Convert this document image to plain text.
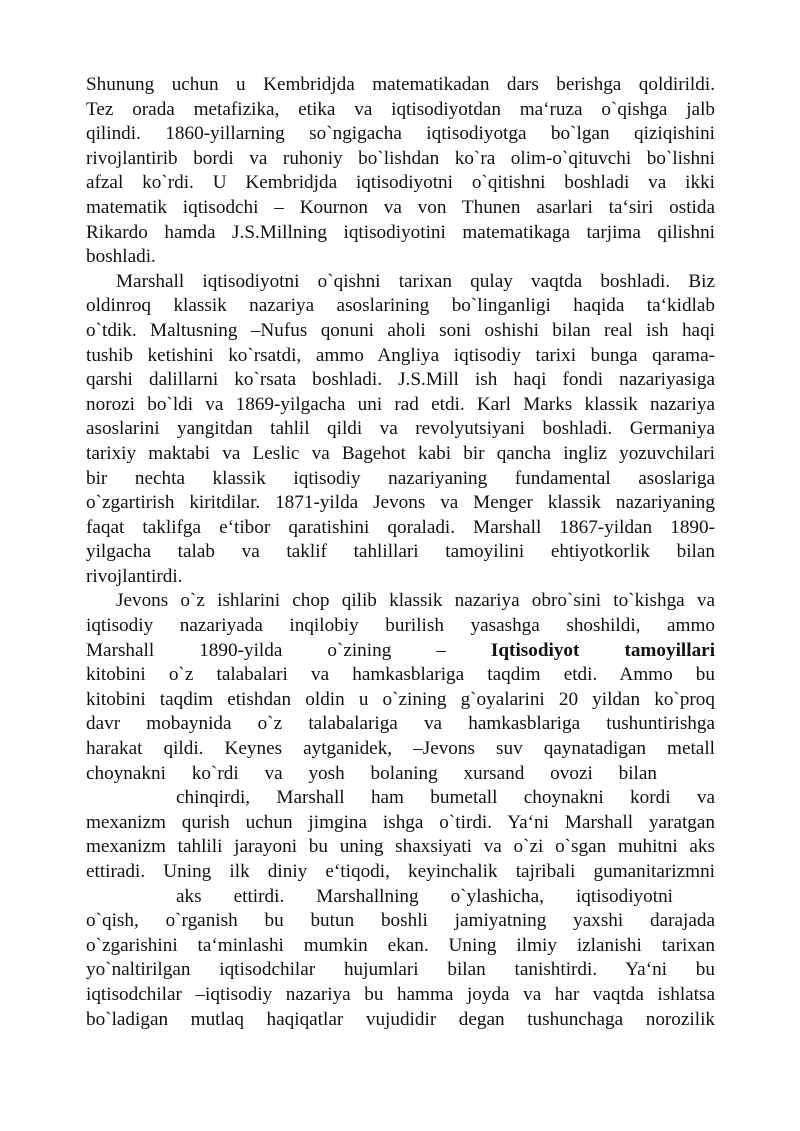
Shunung uchun u Kembridjda matematikadan dars berishga qoldirildi.
Tez orada metafizika, etika va iqtisodiyotdan ma‘ruza o`qishga jalb
qilindi. 1860-yillarning so`ngigacha iqtisodiyotga bo`lgan qiziqishini
rivojlantirib bordi va ruhoniy bo`lishdan ko`ra olim-o`qituvchi bo`lishni
afzal ko`rdi. U Kembridjda iqtisodiyotni o`qitishni boshladi va ikki
matematik iqtisodchi – Kournon va von Thunen asarlari ta‘siri ostida
Rikardo hamda J.S.Millning iqtisodiyotini matematikaga tarjima qilishni
boshladi.
Marshall iqtisodiyotni o`qishni tarixan qulay vaqtda boshladi. Biz
oldinroq klassik nazariya asoslarining bo`linganligi haqida ta‘kidlab
o`tdik. Maltusning –Nufus qonuni aholi soni oshishi bilan real ish haqi
tushib ketishini ko`rsatdi, ammo Angliya iqtisodiy tarixi bunga qarama-
qarshi dalillarni ko`rsata boshladi. J.S.Mill ish haqi fondi nazariyasiga
norozi bo`ldi va 1869-yilgacha uni rad etdi. Karl Marks klassik nazariya
asoslarini yangitdan tahlil qildi va revolyutsiyani boshladi. Germaniya
tarixiy maktabi va Leslic va Bagehot kabi bir qancha ingliz yozuvchilari
bir nechta klassik iqtisodiy nazariyaning fundamental asoslariga
o`zgartirish kiritdilar. 1871-yilda Jevons va Menger klassik nazariyaning
faqat taklifga e‘tibor qaratishini qoraladi. Marshall 1867-yildan 1890-
yilgacha talab va taklif tahlillari tamoyilini ehtiyotkorlik bilan
rivojlantirdi.
Jevons o`z ishlarini chop qilib klassik nazariya obro`sini to`kishga va
iqtisodiy nazariyada inqilobiy burilish yasashga shoshildi, ammo
Marshall 1890-yilda o`zining – Iqtisodiyot tamoyillari
kitobini o`z talabalari va hamkasblariga taqdim etdi. Ammo bu
kitobini taqdim etishdan oldin u o`zining g`oyalarini 20 yildan ko`proq
davr mobaynida o`z talabalariga va hamkasblariga tushuntirishga
harakat qildi. Keynes aytganidek, –Jevons suv qaynatadigan metall
choynakni ko`rdi va yosh bolaning xursand ovozi bilan
chinqirdi, Marshall ham bumetall choynakni kordi va
mexanizm qurish uchun jimgina ishga o`tirdi. Ya‘ni Marshall yaratgan
mexanizm tahlili jarayoni bu uning shaxsiyati va o`zi o`sgan muhitni aks
ettiradi. Uning ilk diniy e‘tiqodi, keyinchalik tajribali gumanitarizmni
aks ettirdi. Marshallning o`ylashicha, iqtisodiyotni
o`qish, o`rganish bu butun boshli jamiyatning yaxshi darajada
o`zgarishini ta‘minlashi mumkin ekan. Uning ilmiy izlanishi tarixan
yo`naltirilgan iqtisodchilar hujumlari bilan tanishtirdi. Ya‘ni bu
iqtisodchilar –iqtisodiy nazariya bu hamma joyda va har vaqtda ishlatsa
bo`ladigan mutlaq haqiqatlar vujudidir degan tushunchaga norozilik
